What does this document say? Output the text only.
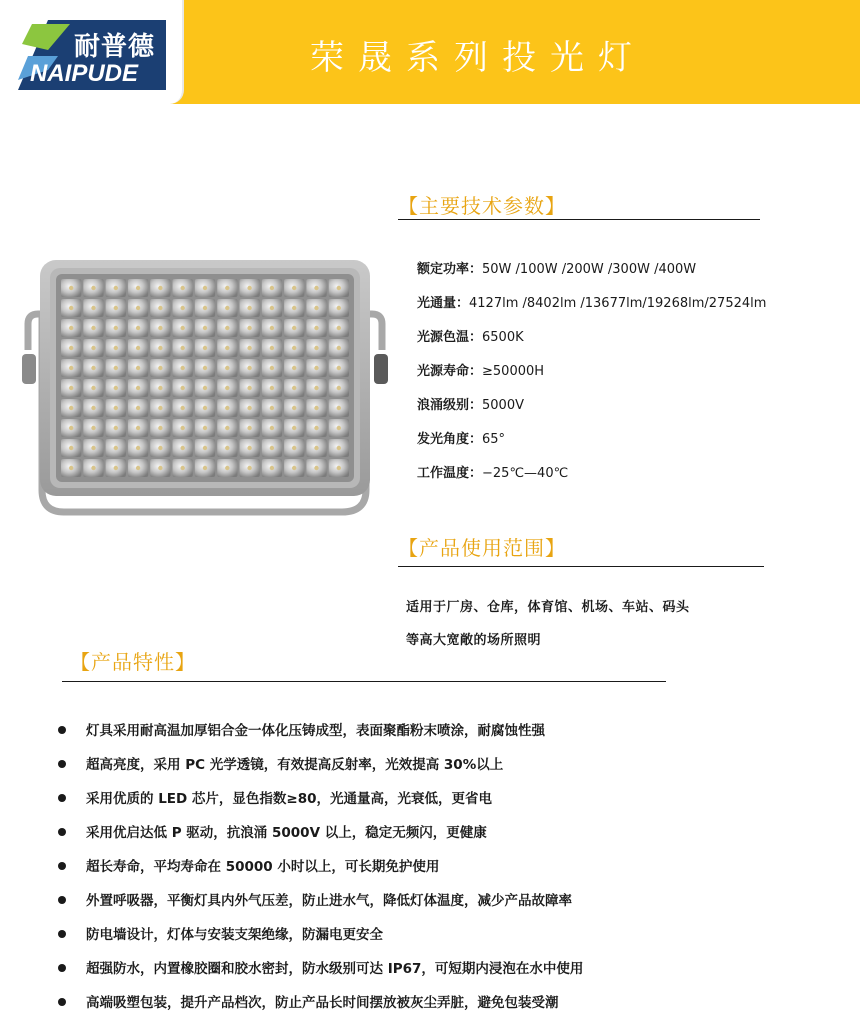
耐普德
NAIPUDE	荣晟系列投光灯
【主要技术参数】
额定功率：50W /100W /200W /300W /400W
光通量：4127lm /8402lm /13677lm/19268lm/27524lm
光源色温：6500K
光源寿命：≥50000H
浪涌级别：5000V
发光角度：65°
工作温度：−25℃—40℃
【产品使用范围】
适用于厂房、仓库，体育馆、机场、车站、码头
等高大宽敞的场所照明
【产品特性】
灯具采用耐高温加厚铝合金一体化压铸成型，表面聚酯粉末喷涂，耐腐蚀性强
超高亮度，采用 PC 光学透镜，有效提高反射率，光效提高 30%以上
采用优质的 LED 芯片，显色指数≥80，光通量高，光衰低，更省电
采用优启达低 P 驱动，抗浪涌 5000V 以上，稳定无频闪，更健康
超长寿命，平均寿命在 50000 小时以上，可长期免护使用
外置呼吸器，平衡灯具内外气压差，防止进水气，降低灯体温度，减少产品故障率
防电墙设计，灯体与安装支架绝缘，防漏电更安全
超强防水，内置橡胶圈和胶水密封，防水级别可达 IP67，可短期内浸泡在水中使用
高端吸塑包装，提升产品档次，防止产品长时间摆放被灰尘弄脏，避免包装受潮
